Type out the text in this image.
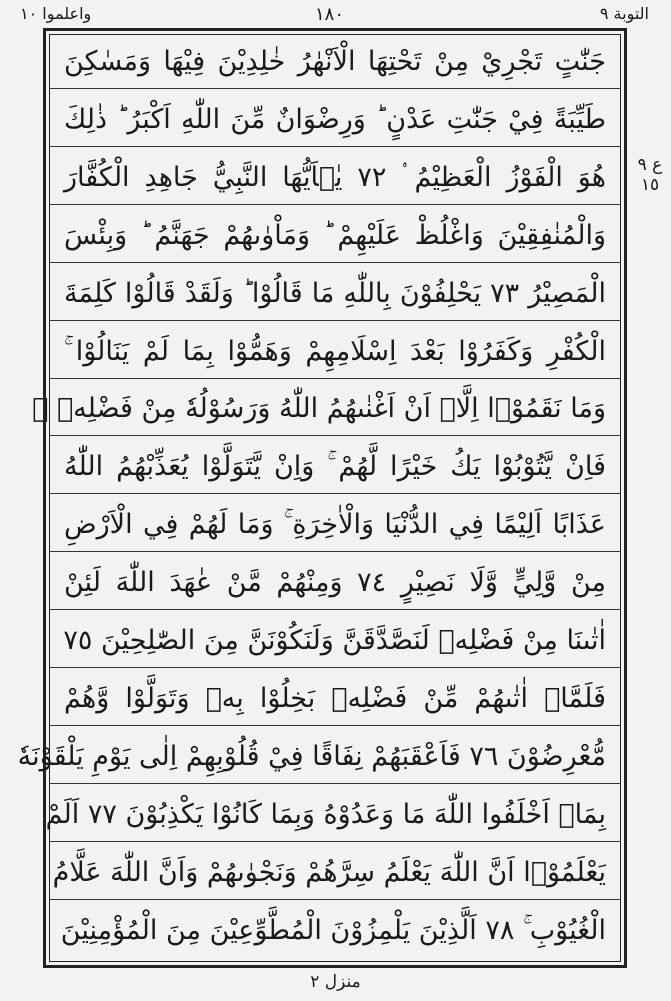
واعلموا ١٠	١٨٠	التوبة ٩
ع ٩ ١٥
جَنّٰتٍ تَجْرِيْ مِنْ تَحْتِهَا الْاَنْهٰرُ خٰلِدِيْنَ فِيْهَا وَمَسٰكِنَ
طَيِّبَةً فِيْ جَنّٰتِ عَدْنٍ ؕ وَرِضْوَانٌ مِّنَ اللّٰهِ اَكْبَرُ ؕ ذٰلِكَ
هُوَ الْفَوْزُ الْعَظِيْمُ ۟ ٧٢ يٰۤاَيُّهَا النَّبِيُّ جَاهِدِ الْكُفَّارَ
وَالْمُنٰفِقِيْنَ وَاغْلُظْ عَلَيْهِمْ ؕ وَمَاْوٰىهُمْ جَهَنَّمُ ؕ وَبِئْسَ
الْمَصِيْرُ ٧٣ يَحْلِفُوْنَ بِاللّٰهِ مَا قَالُوْا ؕ وَلَقَدْ قَالُوْا كَلِمَةَ
الْكُفْرِ وَكَفَرُوْا بَعْدَ اِسْلَامِهِمْ وَهَمُّوْا بِمَا لَمْ يَنَالُوْا ۚ
وَمَا نَقَمُوْۤا اِلَّاۤ اَنْ اَغْنٰىهُمُ اللّٰهُ وَرَسُوْلُهٗ مِنْ فَضْلِهٖ ۚ
فَاِنْ يَّتُوْبُوْا يَكُ خَيْرًا لَّهُمْ ۚ وَاِنْ يَّتَوَلَّوْا يُعَذِّبْهُمُ اللّٰهُ
عَذَابًا اَلِيْمًا فِي الدُّنْيَا وَالْاٰخِرَةِ ۚ وَمَا لَهُمْ فِي الْاَرْضِ
مِنْ وَّلِيٍّ وَّلَا نَصِيْرٍ ٧٤ وَمِنْهُمْ مَّنْ عٰهَدَ اللّٰهَ لَئِنْ
اٰتٰىنَا مِنْ فَضْلِهٖ لَنَصَّدَّقَنَّ وَلَنَكُوْنَنَّ مِنَ الصّٰلِحِيْنَ ٧٥
فَلَمَّاۤ اٰتٰىهُمْ مِّنْ فَضْلِهٖ بَخِلُوْا بِهٖ وَتَوَلَّوْا وَّهُمْ
مُّعْرِضُوْنَ ٧٦ فَاَعْقَبَهُمْ نِفَاقًا فِيْ قُلُوْبِهِمْ اِلٰى يَوْمِ يَلْقَوْنَهٗ
بِمَاۤ اَخْلَفُوا اللّٰهَ مَا وَعَدُوْهُ وَبِمَا كَانُوْا يَكْذِبُوْنَ ٧٧ اَلَمْ
يَعْلَمُوْۤا اَنَّ اللّٰهَ يَعْلَمُ سِرَّهُمْ وَنَجْوٰىهُمْ وَاَنَّ اللّٰهَ عَلَّامُ
الْغُيُوْبِ ۚ ٧٨ اَلَّذِيْنَ يَلْمِزُوْنَ الْمُطَّوِّعِيْنَ مِنَ الْمُؤْمِنِيْنَ
منزل ٢
